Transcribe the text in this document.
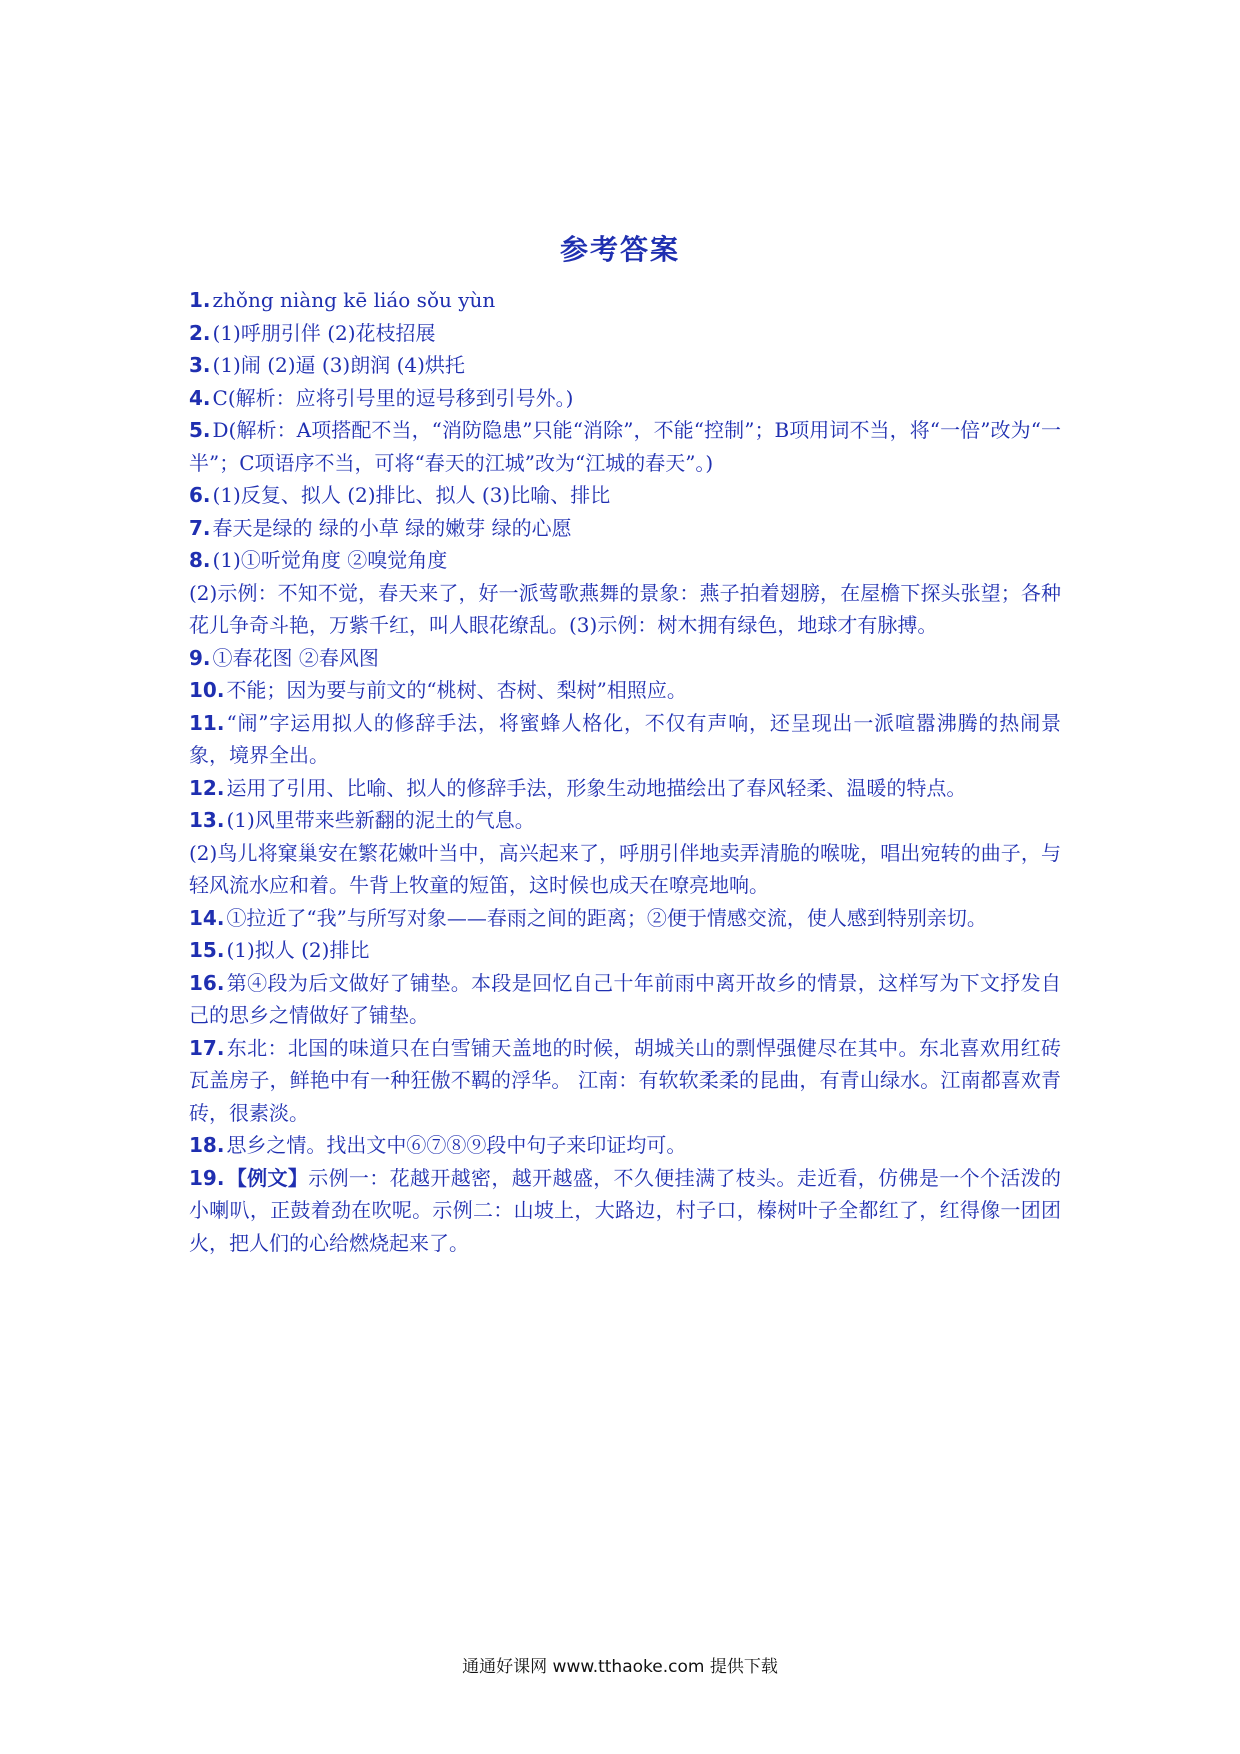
参考答案

1. zhǒng niàng kē liáo sǒu yùn

2. (1)呼朋引伴 (2)花枝招展

3. (1)闹 (2)逼 (3)朗润 (4)烘托

4. C(解析：应将引号里的逗号移到引号外。)

5. D(解析：A项搭配不当，“消防隐患”只能“消除”，不能“控制”；B项用词不当，将“一倍”改为“一半”；C项语序不当，可将“春天的江城”改为“江城的春天”。)

6. (1)反复、拟人 (2)排比、拟人 (3)比喻、排比

7. 春天是绿的 绿的小草 绿的嫩芽 绿的心愿

8. (1)①听觉角度 ②嗅觉角度

(2)示例：不知不觉，春天来了，好一派莺歌燕舞的景象：燕子拍着翅膀，在屋檐下探头张望；各种花儿争奇斗艳，万紫千红，叫人眼花缭乱。(3)示例：树木拥有绿色，地球才有脉搏。

9. ①春花图 ②春风图

10. 不能；因为要与前文的“桃树、杏树、梨树”相照应。

11. “闹”字运用拟人的修辞手法，将蜜蜂人格化，不仅有声响，还呈现出一派喧嚣沸腾的热闹景象，境界全出。

12. 运用了引用、比喻、拟人的修辞手法，形象生动地描绘出了春风轻柔、温暖的特点。

13. (1)风里带来些新翻的泥土的气息。

(2)鸟儿将窠巢安在繁花嫩叶当中，高兴起来了，呼朋引伴地卖弄清脆的喉咙，唱出宛转的曲子，与轻风流水应和着。牛背上牧童的短笛，这时候也成天在嘹亮地响。

14. ①拉近了“我”与所写对象——春雨之间的距离；②便于情感交流，使人感到特别亲切。

15. (1)拟人 (2)排比

16. 第④段为后文做好了铺垫。本段是回忆自己十年前雨中离开故乡的情景，这样写为下文抒发自己的思乡之情做好了铺垫。

17. 东北：北国的味道只在白雪铺天盖地的时候，胡城关山的剽悍强健尽在其中。东北喜欢用红砖瓦盖房子，鲜艳中有一种狂傲不羁的浮华。 江南：有软软柔柔的昆曲，有青山绿水。江南都喜欢青砖，很素淡。

18. 思乡之情。找出文中⑥⑦⑧⑨段中句子来印证均可。

19. 【例文】示例一：花越开越密，越开越盛，不久便挂满了枝头。走近看，仿佛是一个个活泼的小喇叭，正鼓着劲在吹呢。示例二：山坡上，大路边，村子口，榛树叶子全都红了，红得像一团团火，把人们的心给燃烧起来了。

通通好课网 www.tthaoke.com 提供下载
